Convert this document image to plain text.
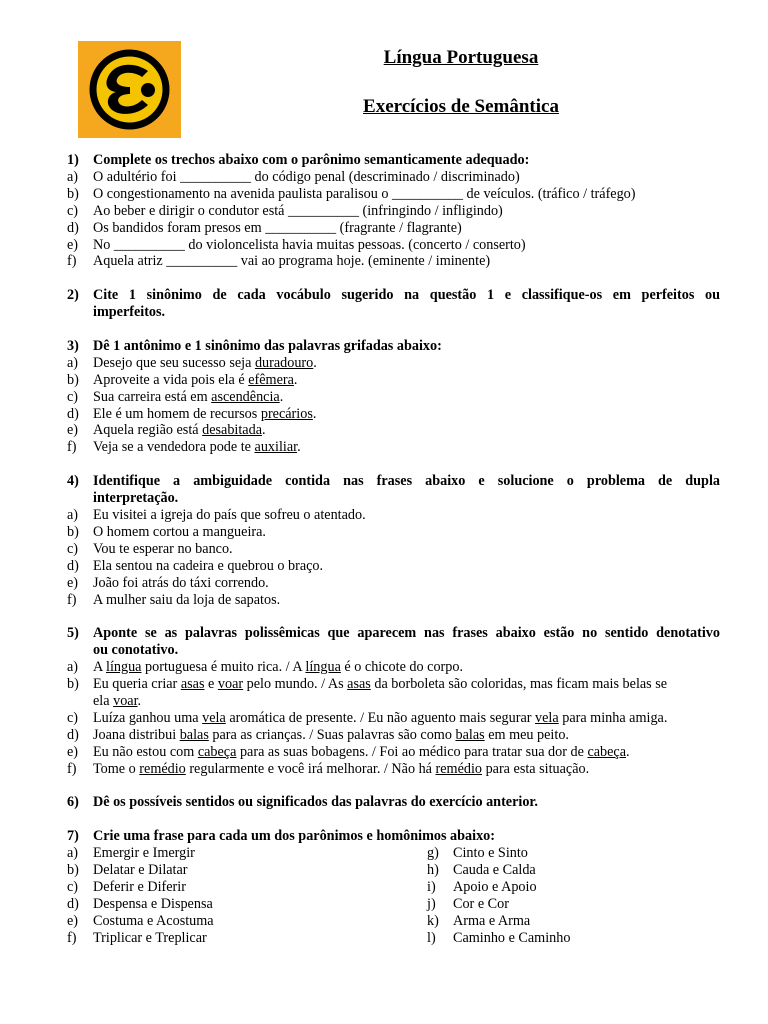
Língua Portuguesa
Exercícios de Semântica
1) Complete os trechos abaixo com o parônimo semanticamente adequado:
a)	O adultério foi __________ do código penal (descriminado / discriminado)
b) O congestionamento na avenida paulista paralisou o __________ de veículos. (tráfico / tráfego)
c)	Ao beber e dirigir o condutor está __________ (infringindo / infligindo)
d) Os bandidos foram presos em __________ (fragrante / flagrante)
e)	No __________ do violoncelista havia muitas pessoas. (concerto / conserto)
f)	Aquela atriz __________ vai ao programa hoje. (eminente / iminente)
2) Cite 1 sinônimo de cada vocábulo sugerido na questão 1 e classifique-os em perfeitos ou
imperfeitos.
3) Dê 1 antônimo e 1 sinônimo das palavras grifadas abaixo:
a)	Desejo que seu sucesso seja duradouro.
b) Aproveite a vida pois ela é efêmera.
c)	Sua carreira está em ascendência.
d) Ele é um homem de recursos precários.
e)	Aquela região está desabitada.
f)	Veja se a vendedora pode te auxiliar.
4) Identifique a ambiguidade contida nas frases abaixo e solucione o problema de dupla
interpretação.
a)	Eu visitei a igreja do país que sofreu o atentado.
b) O homem cortou a mangueira.
c)	Vou te esperar no banco.
d) Ela sentou na cadeira e quebrou o braço.
e)	João foi atrás do táxi correndo.
f)	A mulher saiu da loja de sapatos.
5) Aponte se as palavras polissêmicas que aparecem nas frases abaixo estão no sentido denotativo
ou conotativo.
a)	A língua portuguesa é muito rica. / A língua é o chicote do corpo.
b) Eu queria criar asas e voar pelo mundo. / As asas da borboleta são coloridas, mas ficam mais belas se
ela voar.
c)	Luíza ganhou uma vela aromática de presente. / Eu não aguento mais segurar vela para minha amiga.
d) Joana distribui balas para as crianças. / Suas palavras são como balas em meu peito.
e)	Eu não estou com cabeça para as suas bobagens. / Foi ao médico para tratar sua dor de cabeça.
f)	Tome o remédio regularmente e você irá melhorar. / Não há remédio para esta situação.
6) Dê os possíveis sentidos ou significados das palavras do exercício anterior.
7) Crie uma frase para cada um dos parônimos e homônimos abaixo:
a)	Emergir e Imergir
b) Delatar e Dilatar
c)	Deferir e Diferir
d) Despensa e Dispensa
e)	Costuma e Acostuma
f)	Triplicar e Treplicar
g) Cinto e Sinto
h) Cauda e Calda
i)	Apoio e Apoio
j)	Cor e Cor
k) Arma e Arma
l)	Caminho e Caminho
